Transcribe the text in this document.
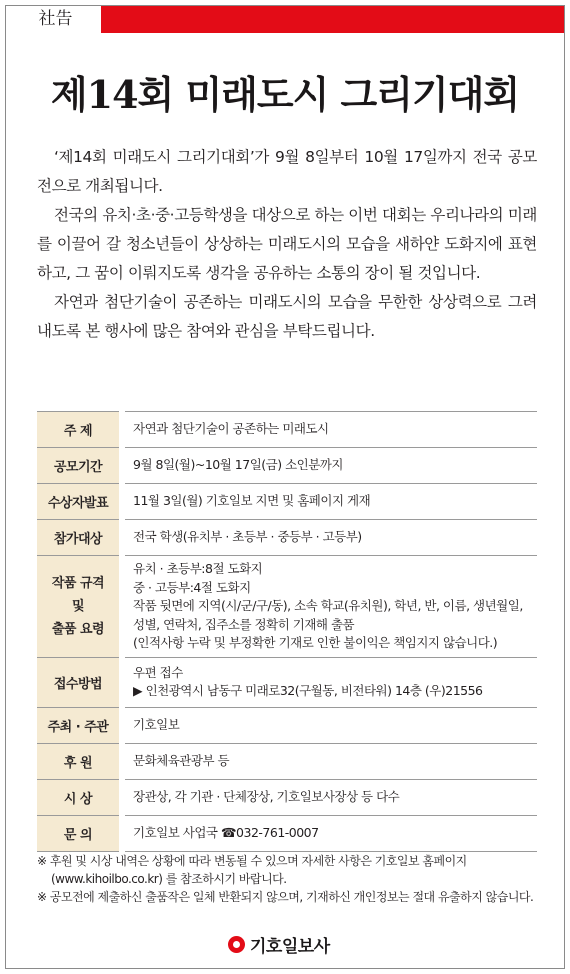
社告
제14회 미래도시 그리기대회

‘제14회 미래도시 그리기대회’가 9월 8일부터 10월 17일까지 전국 공모전으로 개최됩니다.

전국의 유치·초·중·고등학생을 대상으로 하는 이번 대회는 우리나라의 미래를 이끌어 갈 청소년들이 상상하는 미래도시의 모습을 새하얀 도화지에 표현하고, 그 꿈이 이뤄지도록 생각을 공유하는 소통의 장이 될 것입니다.

자연과 첨단기술이 공존하는 미래도시의 모습을 무한한 상상력으로 그려 내도록 본 행사에 많은 참여와 관심을 부탁드립니다.

주 제	자연과 첨단기술이 공존하는 미래도시
공모기간	9월 8일(월)~10월 17일(금) 소인분까지
수상자발표	11월 3일(월) 기호일보 지면 및 홈페이지 게재
참가대상	전국 학생(유치부 · 초등부 · 중등부 · 고등부)

작품 규격
및
출품 요령	유치 · 초등부:8절 도화지
중 · 고등부:4절 도화지
작품 뒷면에 지역(시/군/구/동), 소속 학교(유치원), 학년, 반, 이름, 생년월일, 성별, 연락처, 집주소를 정확히 기재해 출품
(인적사항 누락 및 부정확한 기재로 인한 불이익은 책임지지 않습니다.)

접수방법	우편 접수
▶ 인천광역시 남동구 미래로32(구월동, 비전타워) 14층 (우)21556

주최 · 주관	기호일보
후 원	문화체육관광부 등
시 상	장관상, 각 기관 · 단체장상, 기호일보사장상 등 다수
문 의	기호일보 사업국 ☎032-761-0007
※ 후원 및 시상 내역은 상황에 따라 변동될 수 있으며 자세한 사항은 기호일보 홈페이지(www.kihoilbo.co.kr) 를 참조하시기 바랍니다.
※ 공모전에 제출하신 출품작은 일체 반환되지 않으며, 기재하신 개인정보는 절대 유출하지 않습니다.
기호일보사
